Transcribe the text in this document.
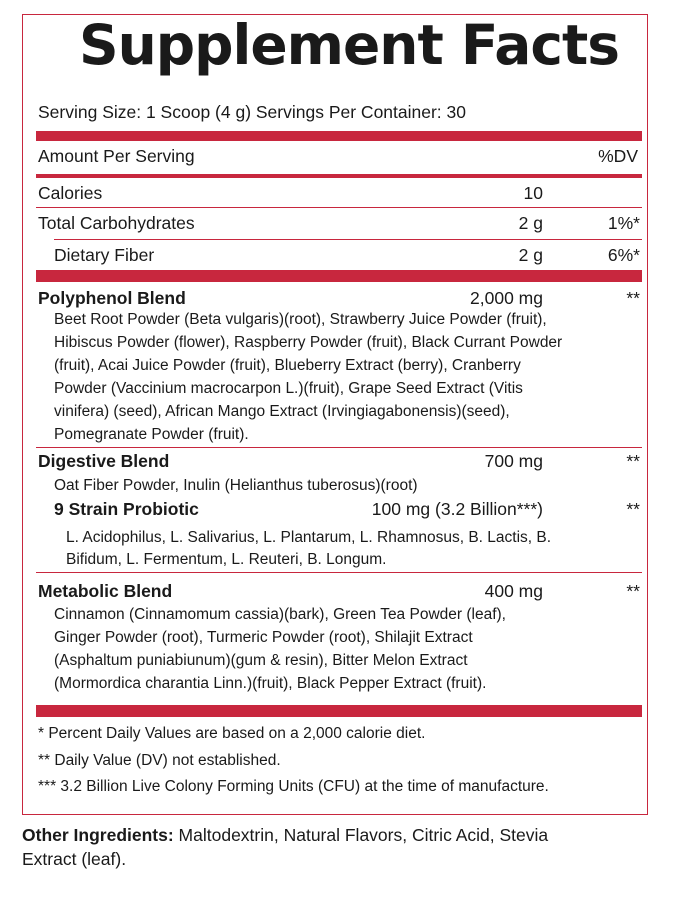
Supplement Facts
Serving Size: 1 Scoop (4 g) Servings Per Container: 30
Amount Per Serving	%DV
Calories	10
Total Carbohydrates	2 g	1%*
Dietary Fiber	2 g	6%*
Polyphenol Blend	2,000 mg	**
Beet Root Powder (Beta vulgaris)(root), Strawberry Juice Powder (fruit),
Hibiscus Powder (flower), Raspberry Powder (fruit), Black Currant Powder
(fruit), Acai Juice Powder (fruit), Blueberry Extract (berry), Cranberry
Powder (Vaccinium macrocarpon L.)(fruit), Grape Seed Extract (Vitis
vinifera) (seed), African Mango Extract (Irvingiagabonensis)(seed),
Pomegranate Powder (fruit).
Digestive Blend	700 mg	**
Oat Fiber Powder, Inulin (Helianthus tuberosus)(root)
9 Strain Probiotic	100 mg (3.2 Billion***)	**
L. Acidophilus, L. Salivarius, L. Plantarum, L. Rhamnosus, B. Lactis, B.
Bifidum, L. Fermentum, L. Reuteri, B. Longum.
Metabolic Blend	400 mg	**
Cinnamon (Cinnamomum cassia)(bark), Green Tea Powder (leaf),
Ginger Powder (root), Turmeric Powder (root), Shilajit Extract
(Asphaltum puniabiunum)(gum & resin), Bitter Melon Extract
(Mormordica charantia Linn.)(fruit), Black Pepper Extract (fruit).
* Percent Daily Values are based on a 2,000 calorie diet.
** Daily Value (DV) not established.
*** 3.2 Billion Live Colony Forming Units (CFU) at the time of manufacture.
Other Ingredients: Maltodextrin, Natural Flavors, Citric Acid, Stevia
Extract (leaf).
